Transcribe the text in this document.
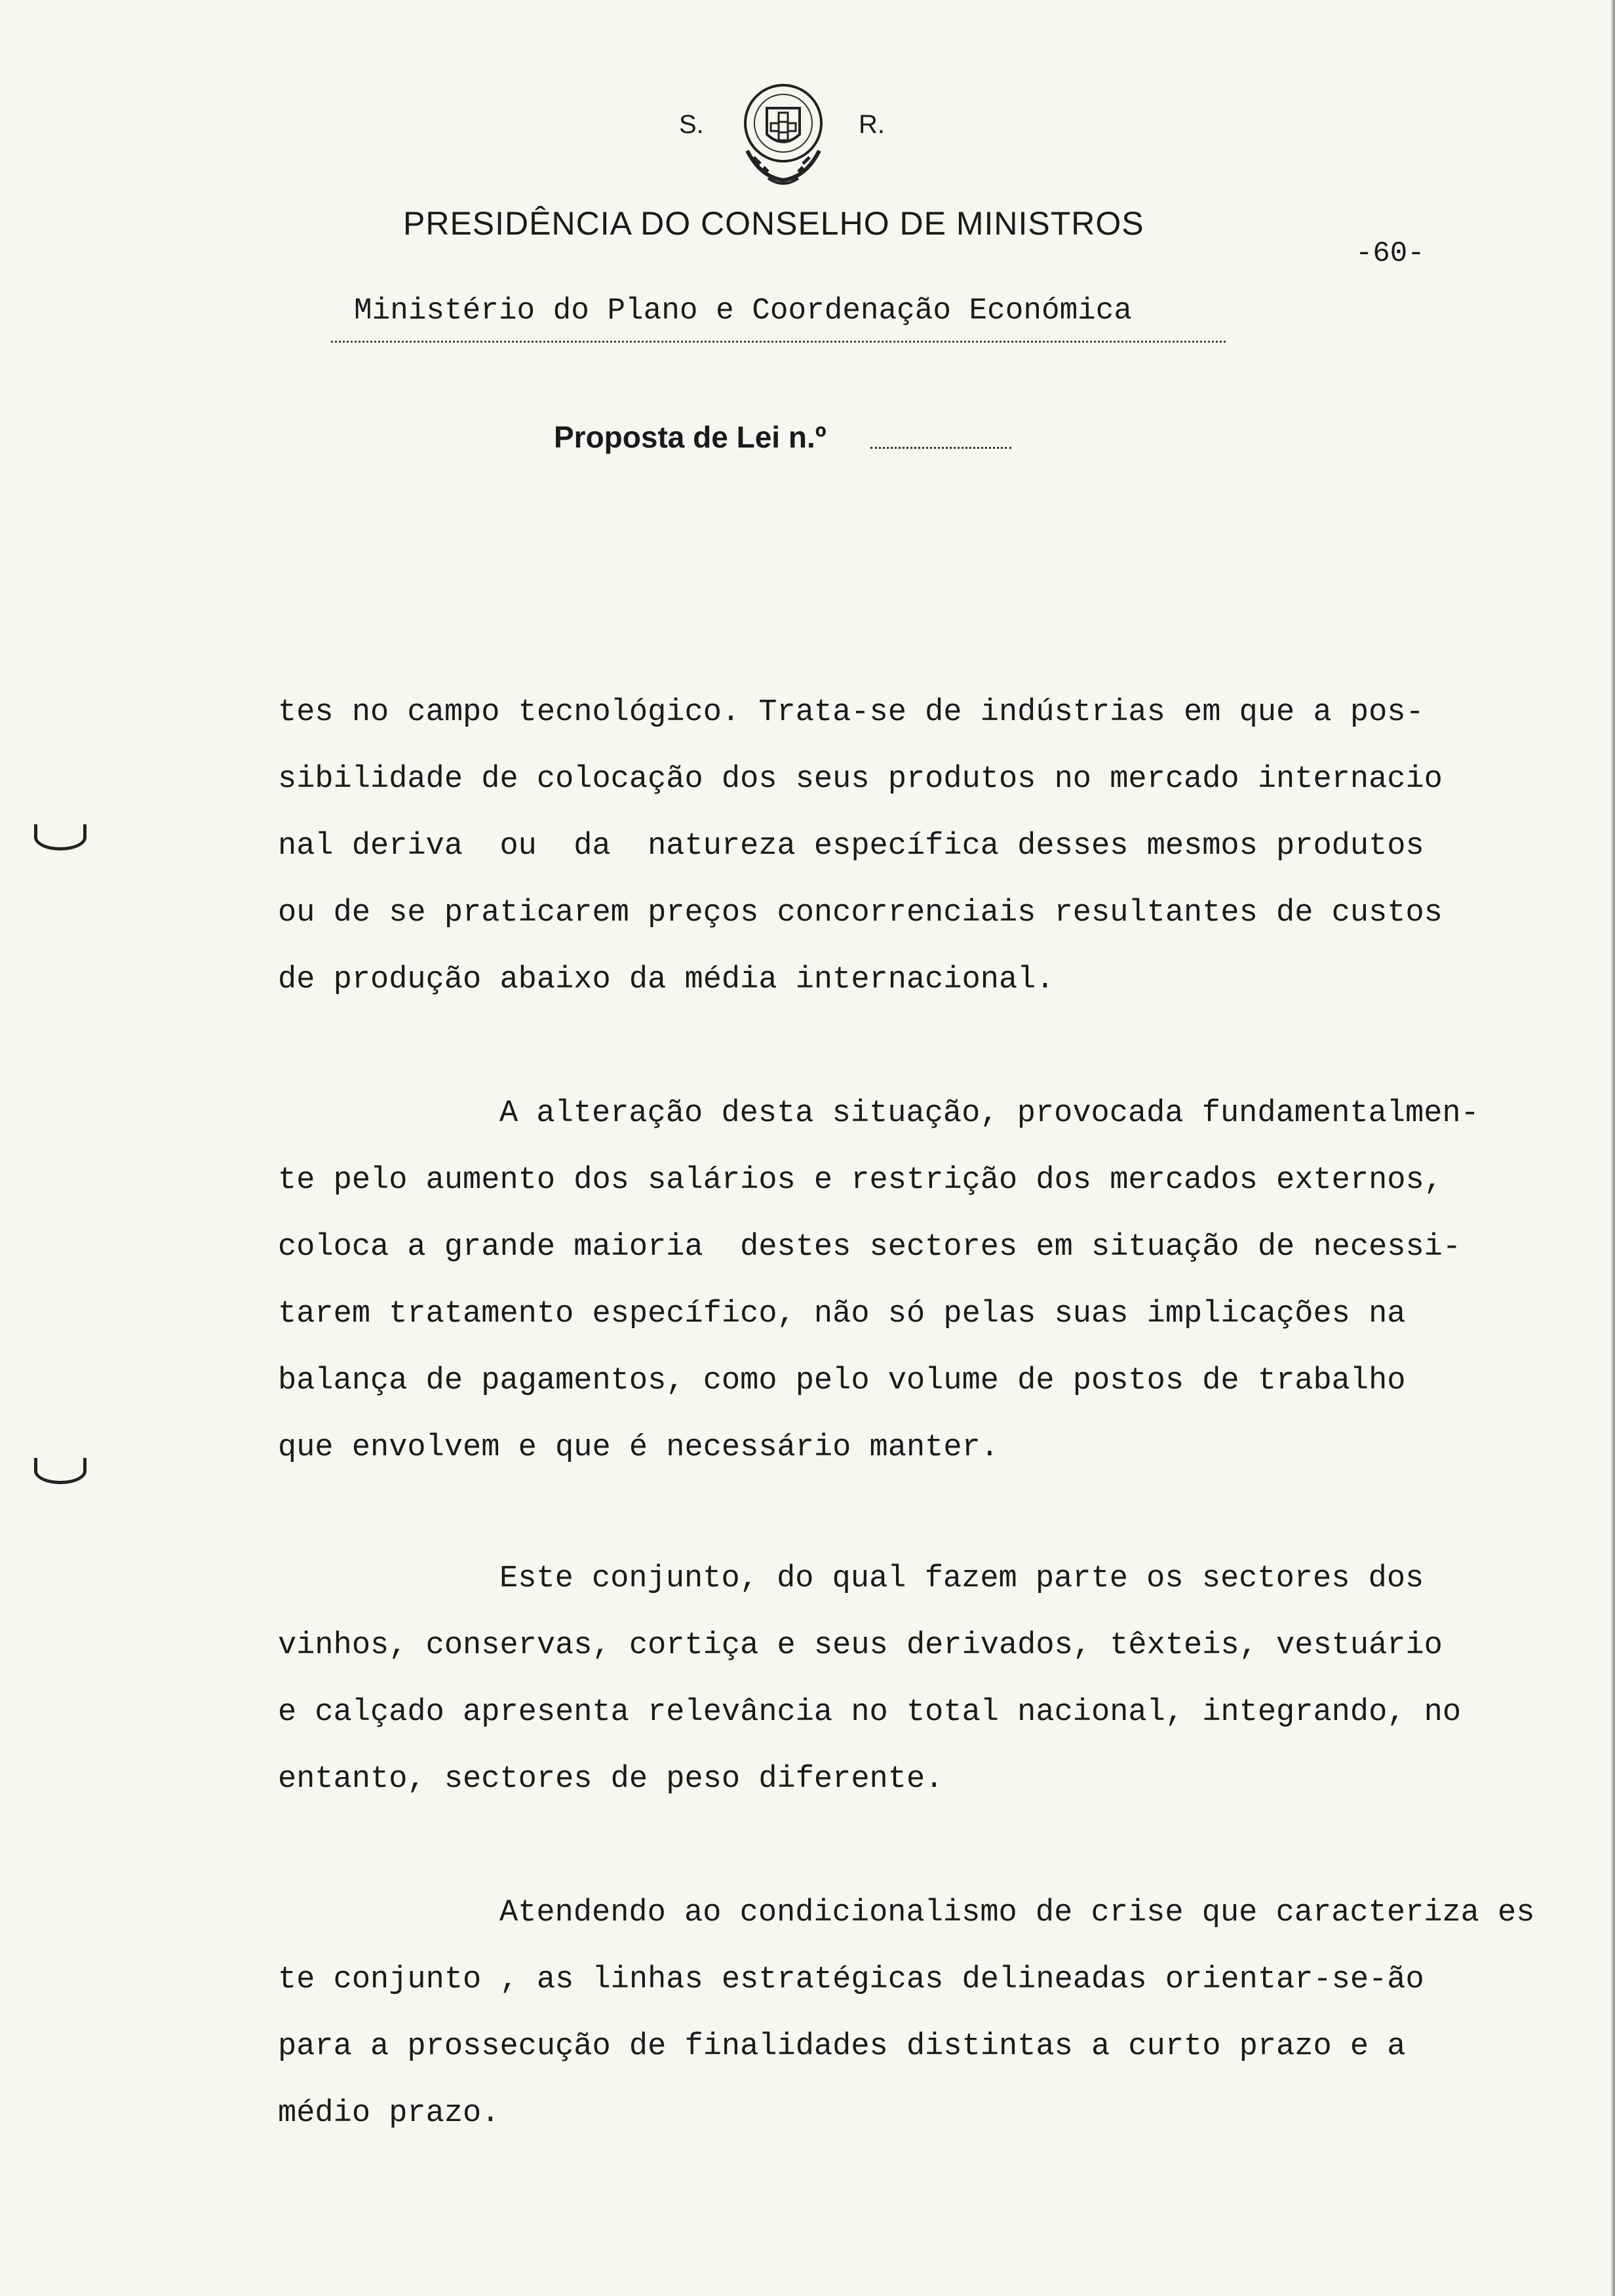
S.	R.
PRESIDÊNCIA DO CONSELHO DE MINISTROS
-60-
Ministério do Plano e Coordenação Económica
Proposta de Lei n.º
tes no campo tecnológico. Trata-se de indústrias em que a pos-
sibilidade de colocação dos seus produtos no mercado internacio
nal deriva  ou  da  natureza específica desses mesmos produtos
ou de se praticarem preços concorrenciais resultantes de custos
de produção abaixo da média internacional.
A alteração desta situação, provocada fundamentalmen-
te pelo aumento dos salários e restrição dos mercados externos,
coloca a grande maioria  destes sectores em situação de necessi-
tarem tratamento específico, não só pelas suas implicações na
balança de pagamentos, como pelo volume de postos de trabalho
que envolvem e que é necessário manter.
Este conjunto, do qual fazem parte os sectores dos
vinhos, conservas, cortiça e seus derivados, têxteis, vestuário
e calçado apresenta relevância no total nacional, integrando, no
entanto, sectores de peso diferente.
Atendendo ao condicionalismo de crise que caracteriza es
te conjunto , as linhas estratégicas delineadas orientar-se-ão
para a prossecução de finalidades distintas a curto prazo e a
médio prazo.
